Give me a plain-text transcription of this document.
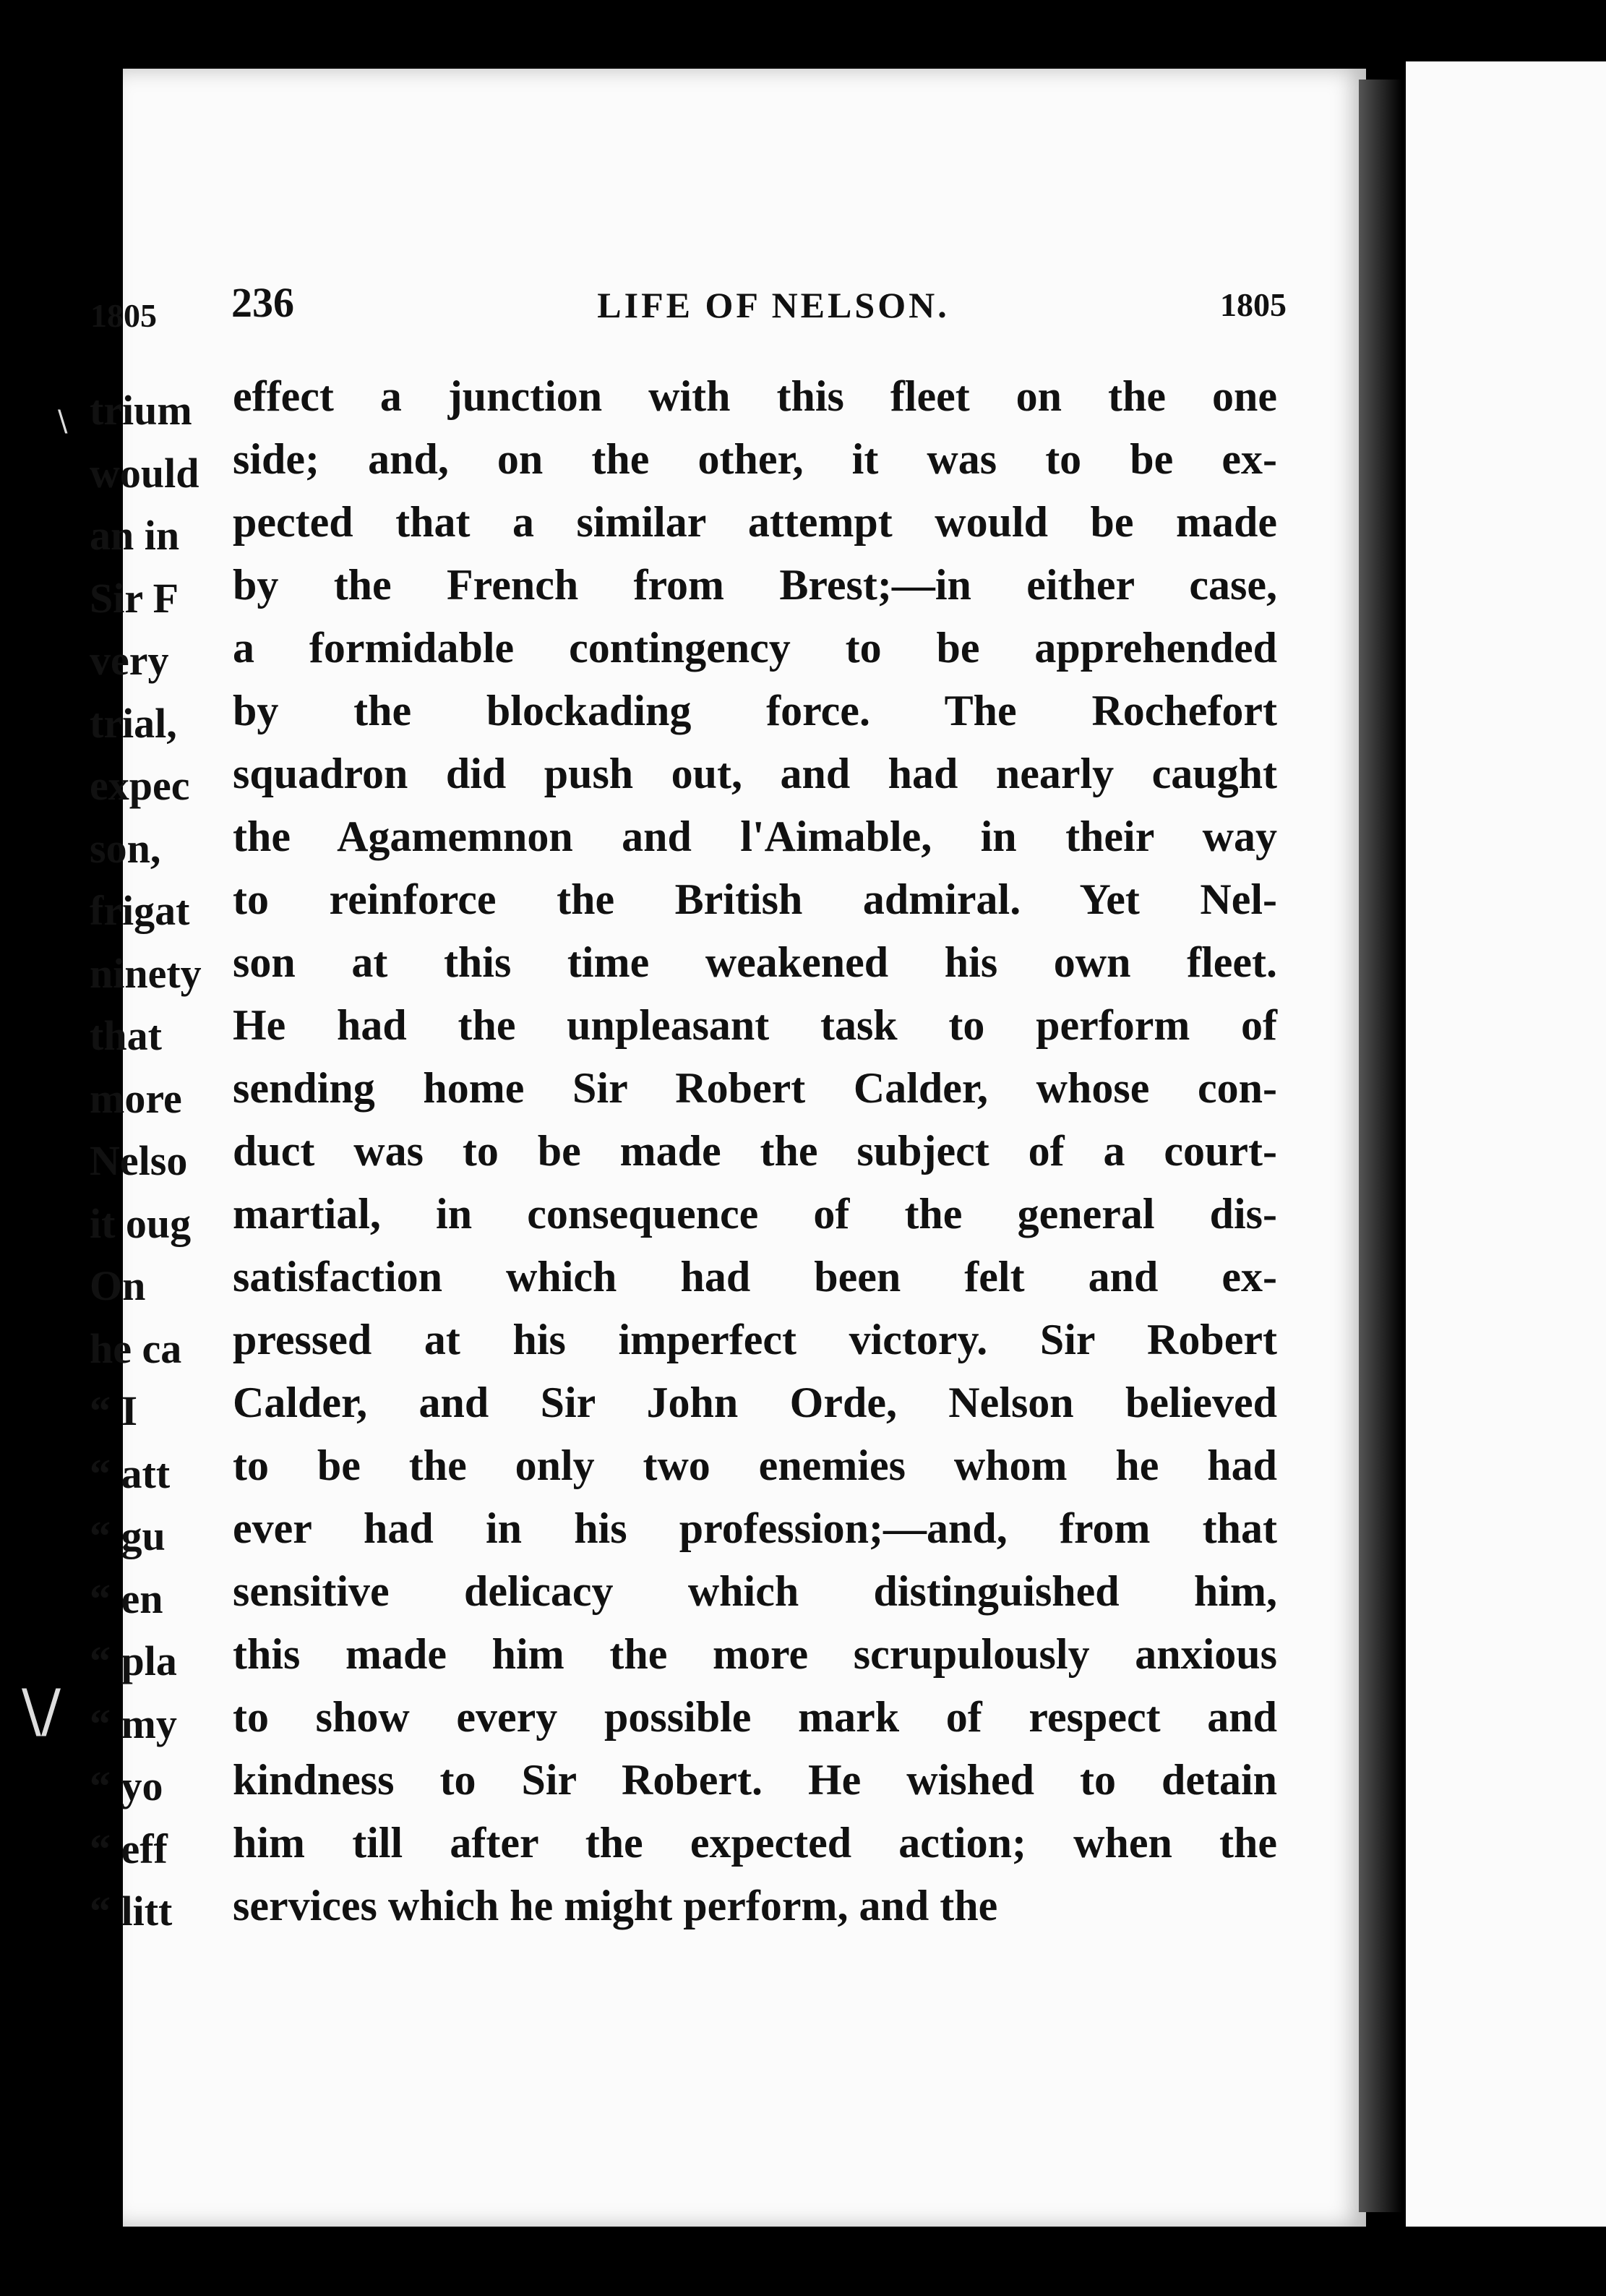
\
\/
236	LIFE OF NELSON.	1805
effect a junction with this fleet on the one
side; and, on the other, it was to be ex-
pected that a similar attempt would be made
by the French from Brest;—in either case,
a formidable contingency to be apprehended
by the blockading force. The Rochefort
squadron did push out, and had nearly caught
the Agamemnon and l'Aimable, in their way
to reinforce the British admiral. Yet Nel-
son at this time weakened his own fleet.
He had the unpleasant task to perform of
sending home Sir Robert Calder, whose con-
duct was to be made the subject of a court-
martial, in consequence of the general dis-
satisfaction which had been felt and ex-
pressed at his imperfect victory. Sir Robert
Calder, and Sir John Orde, Nelson believed
to be the only two enemies whom he had
ever had in his profession;—and, from that
sensitive delicacy which distinguished him,
this made him the more scrupulously anxious
to show every possible mark of respect and
kindness to Sir Robert. He wished to detain
him till after the expected action; when the
services which he might perform, and the
1805
trium
would
an in
Sir F
very
trial,
expec
son,
frigat
ninety
that
more
Nelso
it oug
On
he ca
“ I
“ att
“ gu
“ en
“ pla
“ my
“ yo
“ eff
“ litt
